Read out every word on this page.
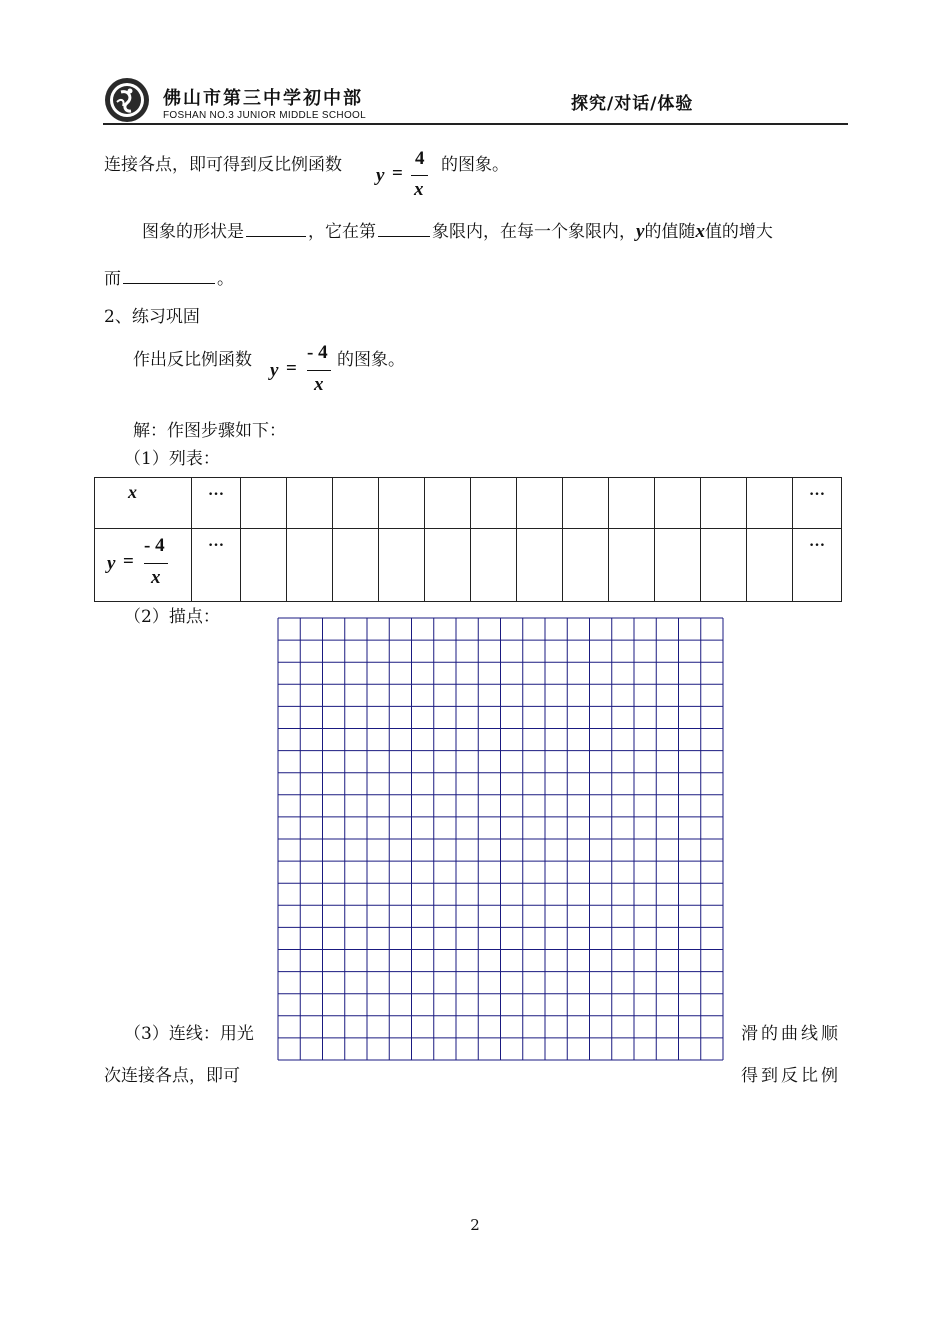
佛山市第三中学初中部
FOSHAN NO.3 JUNIOR MIDDLE SCHOOL
探究/对话/体验
连接各点，即可得到反比例函数 y =
4
x
的图象。
图象的形状是	，它在第	象限内，在每一个象限内，y的值随x值的增大
而	。
2、练习巩固
作出反比例函数 y =
- 4
x
的图象。
解：作图步骤如下：
（1）列表：
x	…													…

y =
- 4
x	…													…
（2）描点：
（3）连线：用光	滑的曲线顺
次连接各点，即可	得到反比例
2
